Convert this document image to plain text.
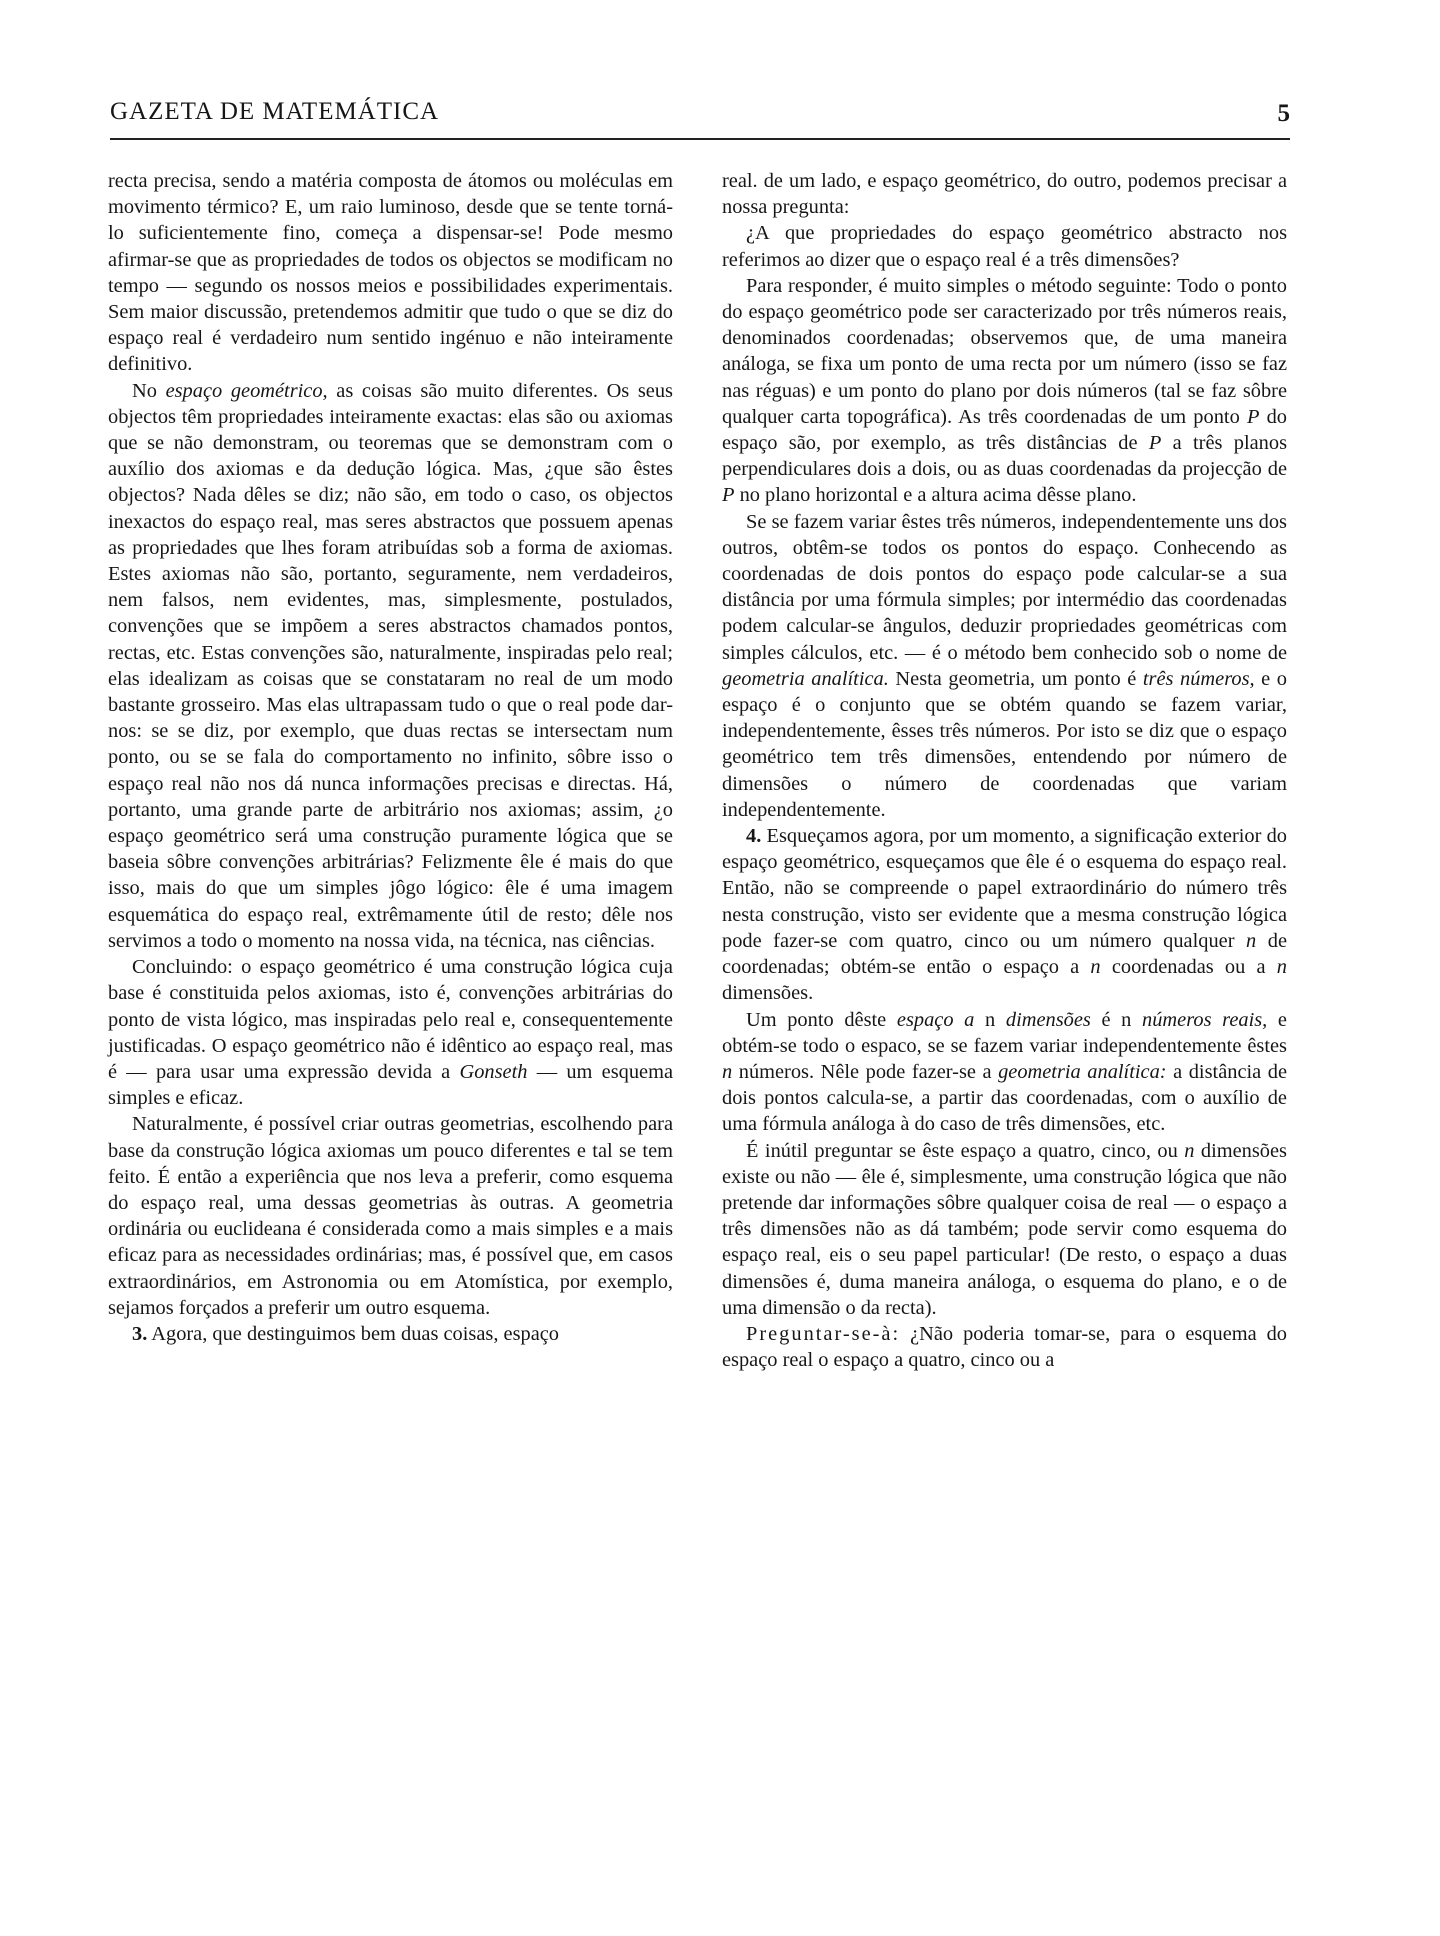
GAZETA DE MATEMÁTICA	5

recta precisa, sendo a matéria composta de átomos ou moléculas em movimento térmico? E, um raio luminoso, desde que se tente torná-lo suficientemente fino, começa a dispensar-se! Pode mesmo afirmar-se que as propriedades de todos os objectos se modificam no tempo — segundo os nossos meios e possibilidades experimentais. Sem maior discussão, pretendemos admitir que tudo o que se diz do espaço real é verdadeiro num sentido ingénuo e não inteiramente definitivo.

No espaço geométrico, as coisas são muito diferentes. Os seus objectos têm propriedades inteiramente exactas: elas são ou axiomas que se não demonstram, ou teoremas que se demonstram com o auxílio dos axiomas e da dedução lógica. Mas, ¿que são êstes objectos? Nada dêles se diz; não são, em todo o caso, os objectos inexactos do espaço real, mas seres abstractos que possuem apenas as propriedades que lhes foram atribuídas sob a forma de axiomas. Estes axiomas não são, portanto, seguramente, nem verdadeiros, nem falsos, nem evidentes, mas, simplesmente, postulados, convenções que se impõem a seres abstractos chamados pontos, rectas, etc. Estas convenções são, naturalmente, inspiradas pelo real; elas idealizam as coisas que se constataram no real de um modo bastante grosseiro. Mas elas ultrapassam tudo o que o real pode dar-nos: se se diz, por exemplo, que duas rectas se intersectam num ponto, ou se se fala do comportamento no infinito, sôbre isso o espaço real não nos dá nunca informações precisas e directas. Há, portanto, uma grande parte de arbitrário nos axiomas; assim, ¿o espaço geométrico será uma construção puramente lógica que se baseia sôbre convenções arbitrárias? Felizmente êle é mais do que isso, mais do que um simples jôgo lógico: êle é uma imagem esquemática do espaço real, extrêmamente útil de resto; dêle nos servimos a todo o momento na nossa vida, na técnica, nas ciências.

Concluindo: o espaço geométrico é uma construção lógica cuja base é constituida pelos axiomas, isto é, convenções arbitrárias do ponto de vista lógico, mas inspiradas pelo real e, consequentemente justificadas. O espaço geométrico não é idêntico ao espaço real, mas é — para usar uma expressão devida a Gonseth — um esquema simples e eficaz.

Naturalmente, é possível criar outras geometrias, escolhendo para base da construção lógica axiomas um pouco diferentes e tal se tem feito. É então a experiência que nos leva a preferir, como esquema do espaço real, uma dessas geometrias às outras. A geometria ordinária ou euclideana é considerada como a mais simples e a mais eficaz para as necessidades ordinárias; mas, é possível que, em casos extraordinários, em Astronomia ou em Atomística, por exemplo, sejamos forçados a preferir um outro esquema.

3. Agora, que destinguimos bem duas coisas, espaço

real. de um lado, e espaço geométrico, do outro, podemos precisar a nossa pregunta:

¿A que propriedades do espaço geométrico abstracto nos referimos ao dizer que o espaço real é a três dimensões?

Para responder, é muito simples o método seguinte: Todo o ponto do espaço geométrico pode ser caracterizado por três números reais, denominados coordenadas; observemos que, de uma maneira análoga, se fixa um ponto de uma recta por um número (isso se faz nas réguas) e um ponto do plano por dois números (tal se faz sôbre qualquer carta topográfica). As três coordenadas de um ponto P do espaço são, por exemplo, as três distâncias de P a três planos perpendiculares dois a dois, ou as duas coordenadas da projecção de P no plano horizontal e a altura acima dêsse plano.

Se se fazem variar êstes três números, independentemente uns dos outros, obtêm-se todos os pontos do espaço. Conhecendo as coordenadas de dois pontos do espaço pode calcular-se a sua distância por uma fórmula simples; por intermédio das coordenadas podem calcular-se ângulos, deduzir propriedades geométricas com simples cálculos, etc. — é o método bem conhecido sob o nome de geometria analítica. Nesta geometria, um ponto é três números, e o espaço é o conjunto que se obtém quando se fazem variar, independentemente, êsses três números. Por isto se diz que o espaço geométrico tem três dimensões, entendendo por número de dimensões o número de coordenadas que variam independentemente.

4. Esqueçamos agora, por um momento, a significação exterior do espaço geométrico, esqueçamos que êle é o esquema do espaço real. Então, não se compreende o papel extraordinário do número três nesta construção, visto ser evidente que a mesma construção lógica pode fazer-se com quatro, cinco ou um número qualquer n de coordenadas; obtém-se então o espaço a n coordenadas ou a n dimensões.

Um ponto dêste espaço a n dimensões é n números reais, e obtém-se todo o espaco, se se fazem variar independentemente êstes n números. Nêle pode fazer-se a geometria analítica: a distância de dois pontos calcula-se, a partir das coordenadas, com o auxílio de uma fórmula análoga à do caso de três dimensões, etc.

É inútil preguntar se êste espaço a quatro, cinco, ou n dimensões existe ou não — êle é, simplesmente, uma construção lógica que não pretende dar informações sôbre qualquer coisa de real — o espaço a três dimensões não as dá também; pode servir como esquema do espaço real, eis o seu papel particular! (De resto, o espaço a duas dimensões é, duma maneira análoga, o esquema do plano, e o de uma dimensão o da recta).

Preguntar-se-à: ¿Não poderia tomar-se, para o esquema do espaço real o espaço a quatro, cinco ou a
